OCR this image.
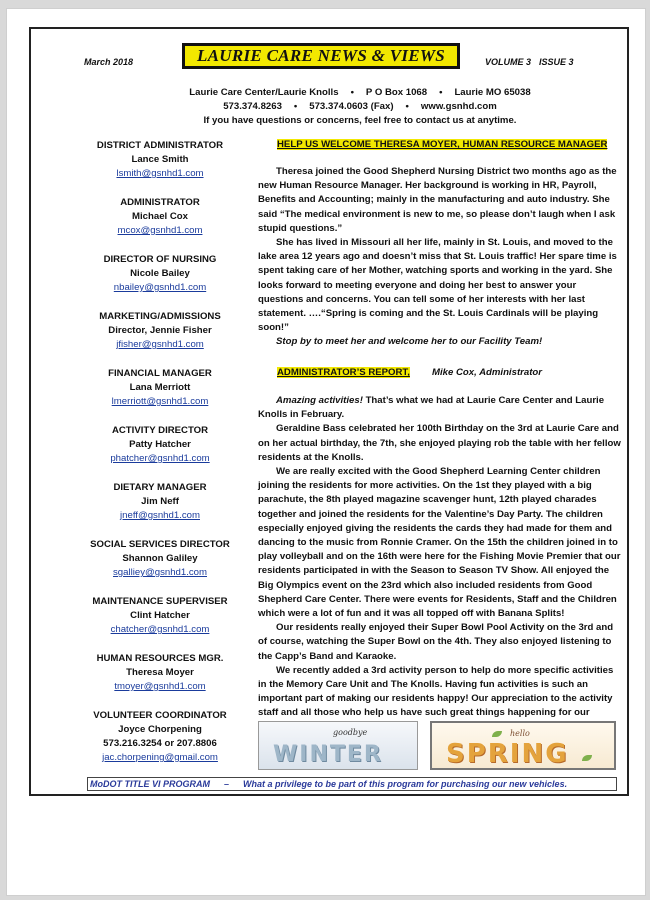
March 2018	LAURIE CARE NEWS & VIEWS	VOLUME 3 ISSUE 3
Laurie Care Center/Laurie Knolls • P O Box 1068 • Laurie MO 65038
573.374.8263 • 573.374.0603 (Fax) • www.gsnhd.com
If you have questions or concerns, feel free to contact us at anytime.
DISTRICT ADMINISTRATOR
Lance Smith
lsmith@gsnhd1.com
ADMINISTRATOR
Michael Cox
mcox@gsnhd1.com
DIRECTOR OF NURSING
Nicole Bailey
nbailey@gsnhd1.com
MARKETING/ADMISSIONS
Director, Jennie Fisher
jfisher@gsnhd1.com
FINANCIAL MANAGER
Lana Merriott
lmerriott@gsnhd1.com
ACTIVITY DIRECTOR
Patty Hatcher
phatcher@gsnhd1.com
DIETARY MANAGER
Jim Neff
jneff@gsnhd1.com
SOCIAL SERVICES DIRECTOR
Shannon Galiley
sgalliey@gsnhd1.com
MAINTENANCE SUPERVISER
Clint Hatcher
chatcher@gsnhd1.com
HUMAN RESOURCES MGR.
Theresa Moyer
tmoyer@gsnhd1.com
VOLUNTEER COORDINATOR
Joyce Chorpening
573.216.3254 or 207.8806
jac.chorpening@gmail.com
HELP US WELCOME THERESA MOYER, HUMAN RESOURCE MANAGER

Theresa joined the Good Shepherd Nursing District two months ago as the new Human Resource Manager. Her background is working in HR, Payroll, Benefits and Accounting; mainly in the manufacturing and auto industry. She said “The medical environment is new to me, so please don’t laugh when I ask stupid questions.”

She has lived in Missouri all her life, mainly in St. Louis, and moved to the lake area 12 years ago and doesn’t miss that St. Louis traffic! Her spare time is spent taking care of her Mother, watching sports and working in the yard. She looks forward to meeting everyone and doing her best to answer your questions and concerns. You can tell some of her interests with her last statement. ….“Spring is coming and the St. Louis Cardinals will be playing soon!”

Stop by to meet her and welcome her to our Facility Team!

ADMINISTRATOR’S REPORT, Mike Cox, Administrator

Amazing activities! That’s what we had at Laurie Care Center and Laurie Knolls in February.

Geraldine Bass celebrated her 100th Birthday on the 3rd at Laurie Care and on her actual birthday, the 7th, she enjoyed playing rob the table with her fellow residents at the Knolls.

We are really excited with the Good Shepherd Learning Center children joining the residents for more activities. On the 1st they played with a big parachute, the 8th played magazine scavenger hunt, 12th played charades together and joined the residents for the Valentine’s Day Party. The children especially enjoyed giving the residents the cards they had made for them and dancing to the music from Ronnie Cramer. On the 15th the children joined in to play volleyball and on the 16th were here for the Fishing Movie Premier that our residents participated in with the Season to Season TV Show. All enjoyed the Big Olympics event on the 23rd which also included residents from Good Shepherd Care Center. There were events for Residents, Staff and the Children which were a lot of fun and it was all topped off with Banana Splits!

Our residents really enjoyed their Super Bowl Pool Activity on the 3rd and of course, watching the Super Bowl on the 4th. They also enjoyed listening to the Capp’s Band and Karaoke.

We recently added a 3rd activity person to help do more specific activities in the Memory Care Unit and The Knolls. Having fun activities is such an important part of making our residents happy! Our appreciation to the activity staff and all those who help us have such great things happening for our

goodbye
WINTER
hello
SPRING
MoDOT TITLE VI PROGRAM – What a privilege to be part of this program for purchasing our new vehicles.
